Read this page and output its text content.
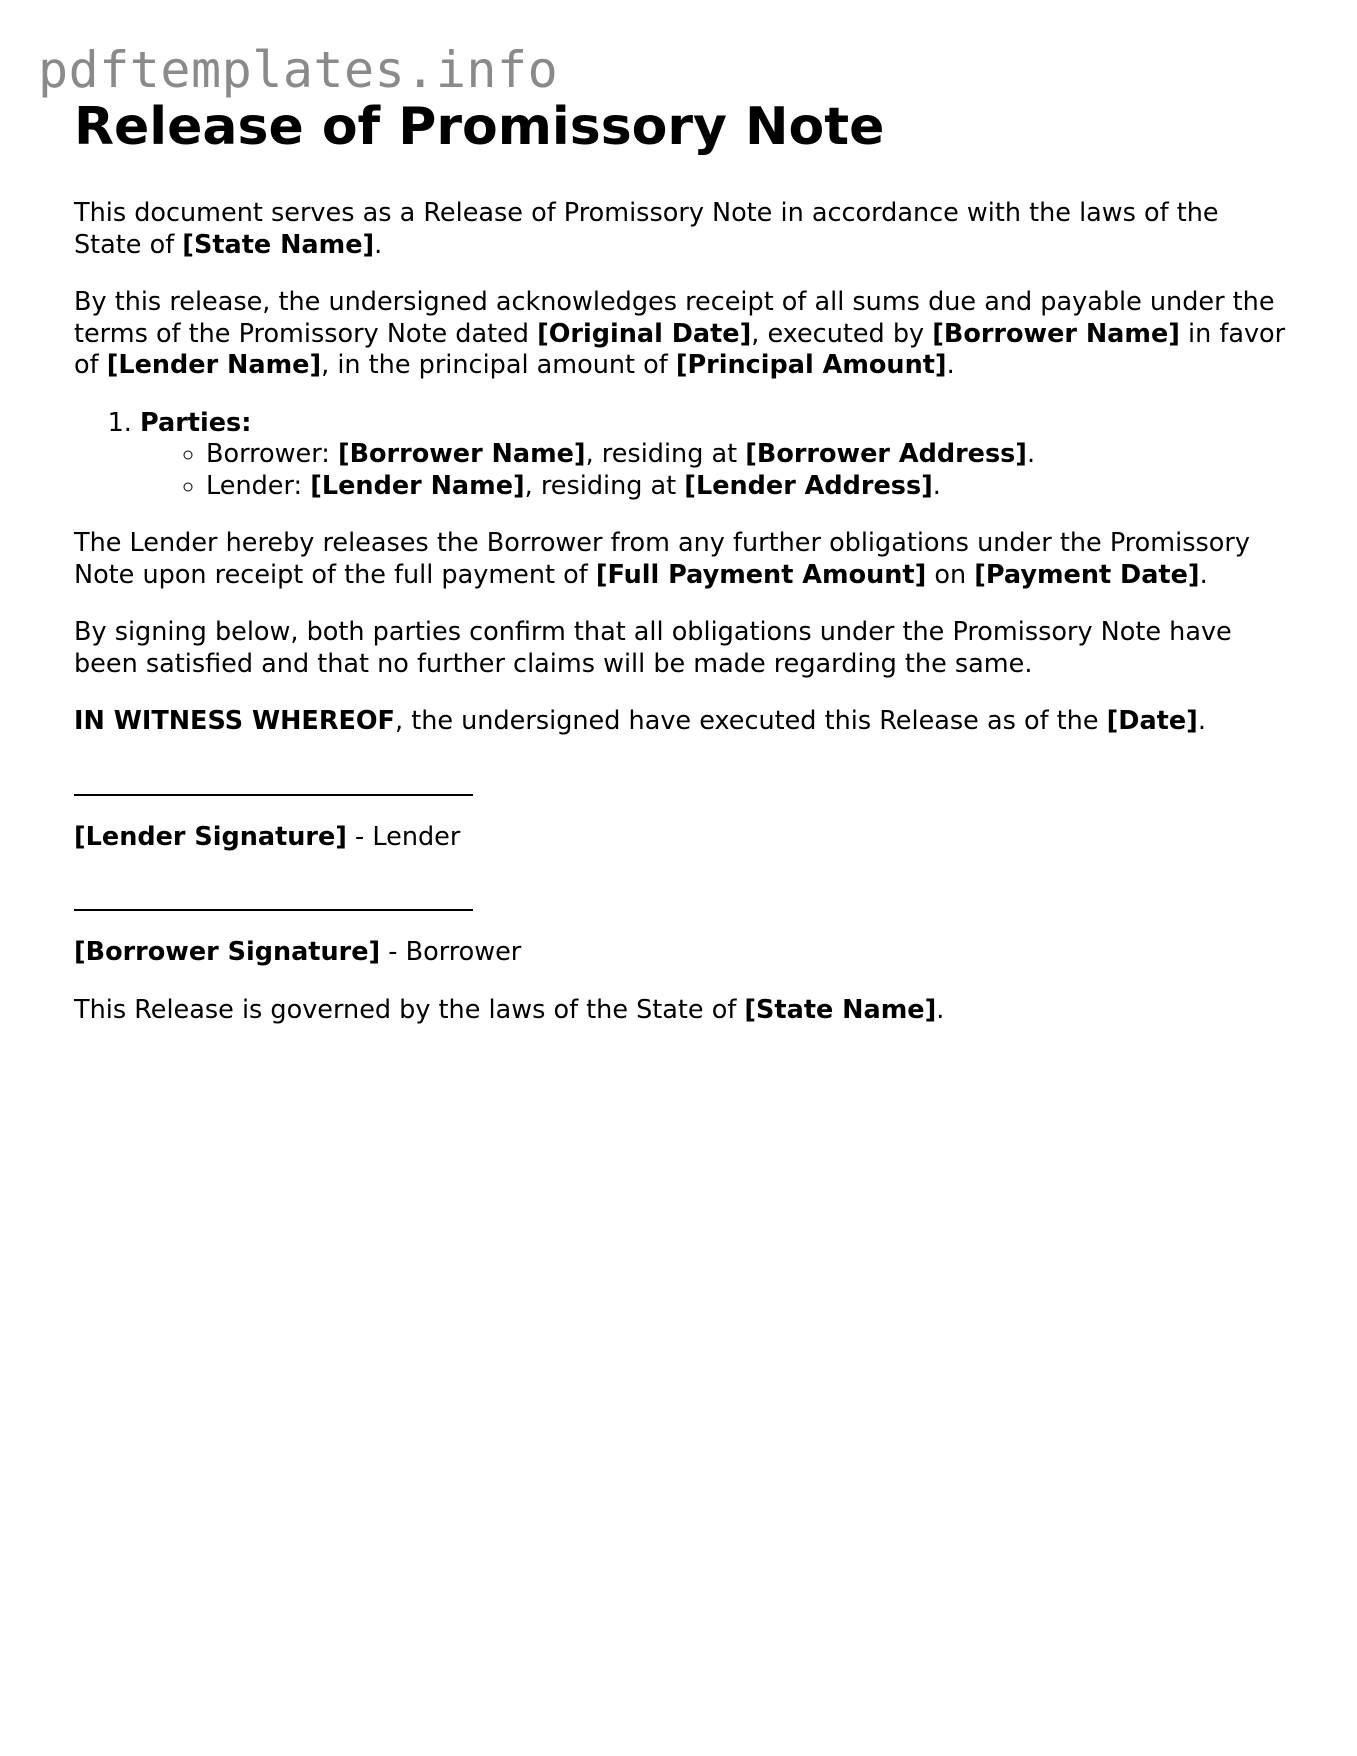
pdftemplates.info
Release of Promissory Note

This document serves as a Release of Promissory Note in accordance with the laws of the State of [State Name].

By this release, the undersigned acknowledges receipt of all sums due and payable under the terms of the Promissory Note dated [Original Date], executed by [Borrower Name] in favor of [Lender Name], in the principal amount of [Principal Amount].

1. Parties:
◦ Borrower: [Borrower Name], residing at [Borrower Address].
◦ Lender: [Lender Name], residing at [Lender Address].

The Lender hereby releases the Borrower from any further obligations under the Promissory Note upon receipt of the full payment of [Full Payment Amount] on [Payment Date].

By signing below, both parties confirm that all obligations under the Promissory Note have been satisfied and that no further claims will be made regarding the same.

IN WITNESS WHEREOF, the undersigned have executed this Release as of the [Date].

[Lender Signature] - Lender

[Borrower Signature] - Borrower

This Release is governed by the laws of the State of [State Name].
